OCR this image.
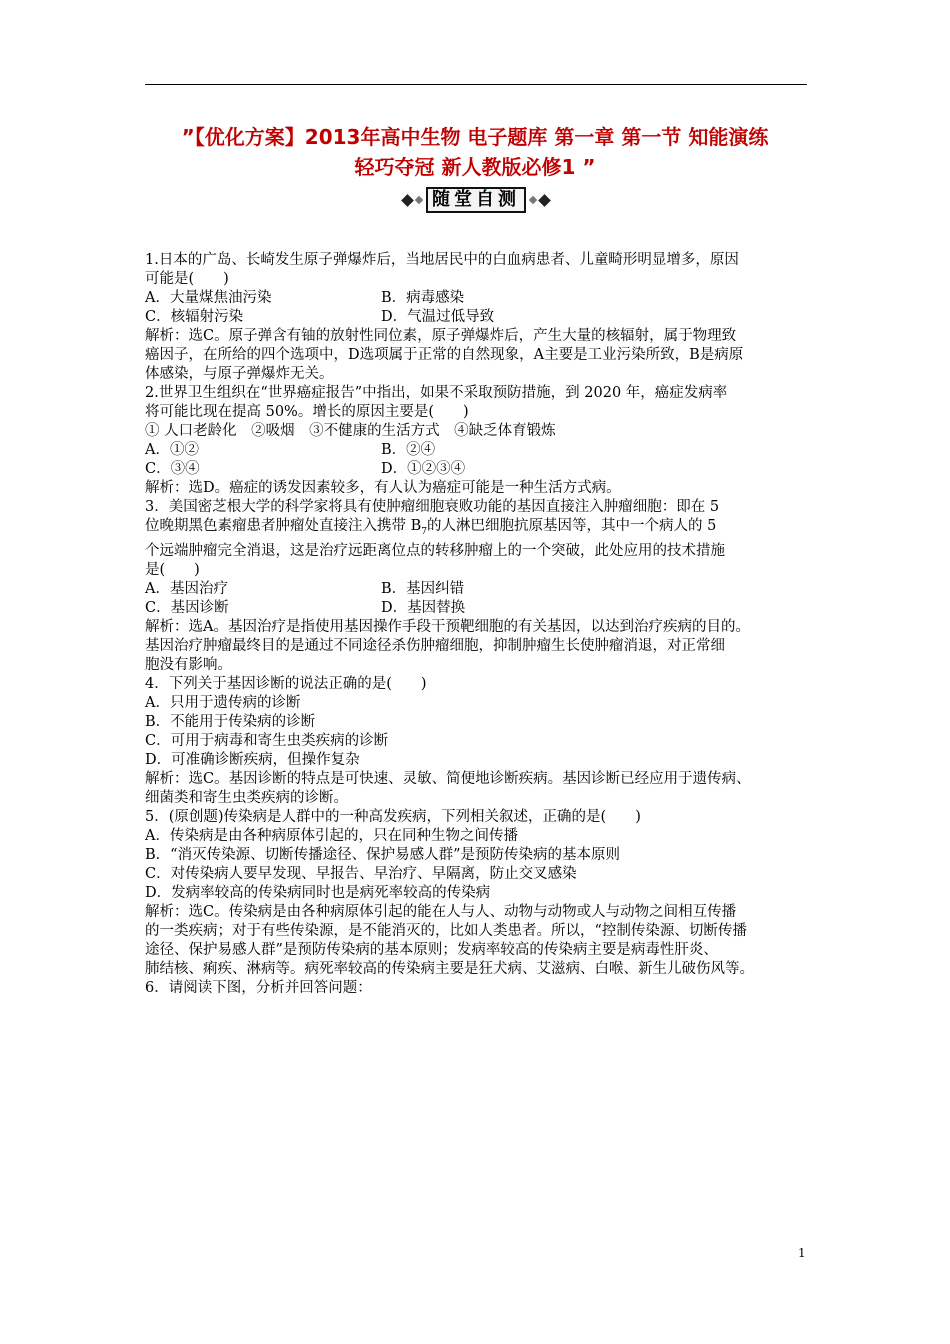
”【优化方案】2013年高中生物 电子题库 第一章 第一节 知能演练
轻巧夺冠 新人教版必修1 ”
随堂自测

1.日本的广岛、长崎发生原子弹爆炸后，当地居民中的白血病患者、儿童畸形明显增多，原因

可能是(　　)

A．大量煤焦油污染	B．病毒感染
C．核辐射污染	D．气温过低导致

解析：选C。原子弹含有铀的放射性同位素，原子弹爆炸后，产生大量的核辐射，属于物理致

癌因子，在所给的四个选项中，D选项属于正常的自然现象，A主要是工业污染所致，B是病原

体感染，与原子弹爆炸无关。

2.世界卫生组织在“世界癌症报告”中指出，如果不采取预防措施，到 2020 年，癌症发病率

将可能比现在提高 50%。增长的原因主要是(　　)

① 人口老龄化　②吸烟　③不健康的生活方式　④缺乏体育锻炼

A．①②	B．②④
C．③④	D．①②③④

解析：选D。癌症的诱发因素较多，有人认为癌症可能是一种生活方式病。

3．美国密芝根大学的科学家将具有使肿瘤细胞衰败功能的基因直接注入肿瘤细胞：即在 5

位晚期黑色素瘤患者肿瘤处直接注入携带 $B_7$的人淋巴细胞抗原基因等，其中一个病人的 5

个远端肿瘤完全消退，这是治疗远距离位点的转移肿瘤上的一个突破，此处应用的技术措施

是(　　)

A．基因治疗	B．基因纠错
C．基因诊断	D．基因替换

解析：选A。基因治疗是指使用基因操作手段干预靶细胞的有关基因，以达到治疗疾病的目的。

基因治疗肿瘤最终目的是通过不同途径杀伤肿瘤细胞，抑制肿瘤生长使肿瘤消退，对正常细

胞没有影响。

4．下列关于基因诊断的说法正确的是(　　)

A．只用于遗传病的诊断

B．不能用于传染病的诊断

C．可用于病毒和寄生虫类疾病的诊断

D．可准确诊断疾病，但操作复杂

解析：选C。基因诊断的特点是可快速、灵敏、简便地诊断疾病。基因诊断已经应用于遗传病、

细菌类和寄生虫类疾病的诊断。

5．(原创题)传染病是人群中的一种高发疾病，下列相关叙述，正确的是(　　)

A．传染病是由各种病原体引起的，只在同种生物之间传播

B．“消灭传染源、切断传播途径、保护易感人群”是预防传染病的基本原则

C．对传染病人要早发现、早报告、早治疗、早隔离，防止交叉感染

D．发病率较高的传染病同时也是病死率较高的传染病

解析：选C。传染病是由各种病原体引起的能在人与人、动物与动物或人与动物之间相互传播

的一类疾病；对于有些传染源，是不能消灭的，比如人类患者。所以，“控制传染源、切断传播

途径、保护易感人群”是预防传染病的基本原则；发病率较高的传染病主要是病毒性肝炎、

肺结核、痢疾、淋病等。病死率较高的传染病主要是狂犬病、艾滋病、白喉、新生儿破伤风等。

6．请阅读下图，分析并回答问题：

1
